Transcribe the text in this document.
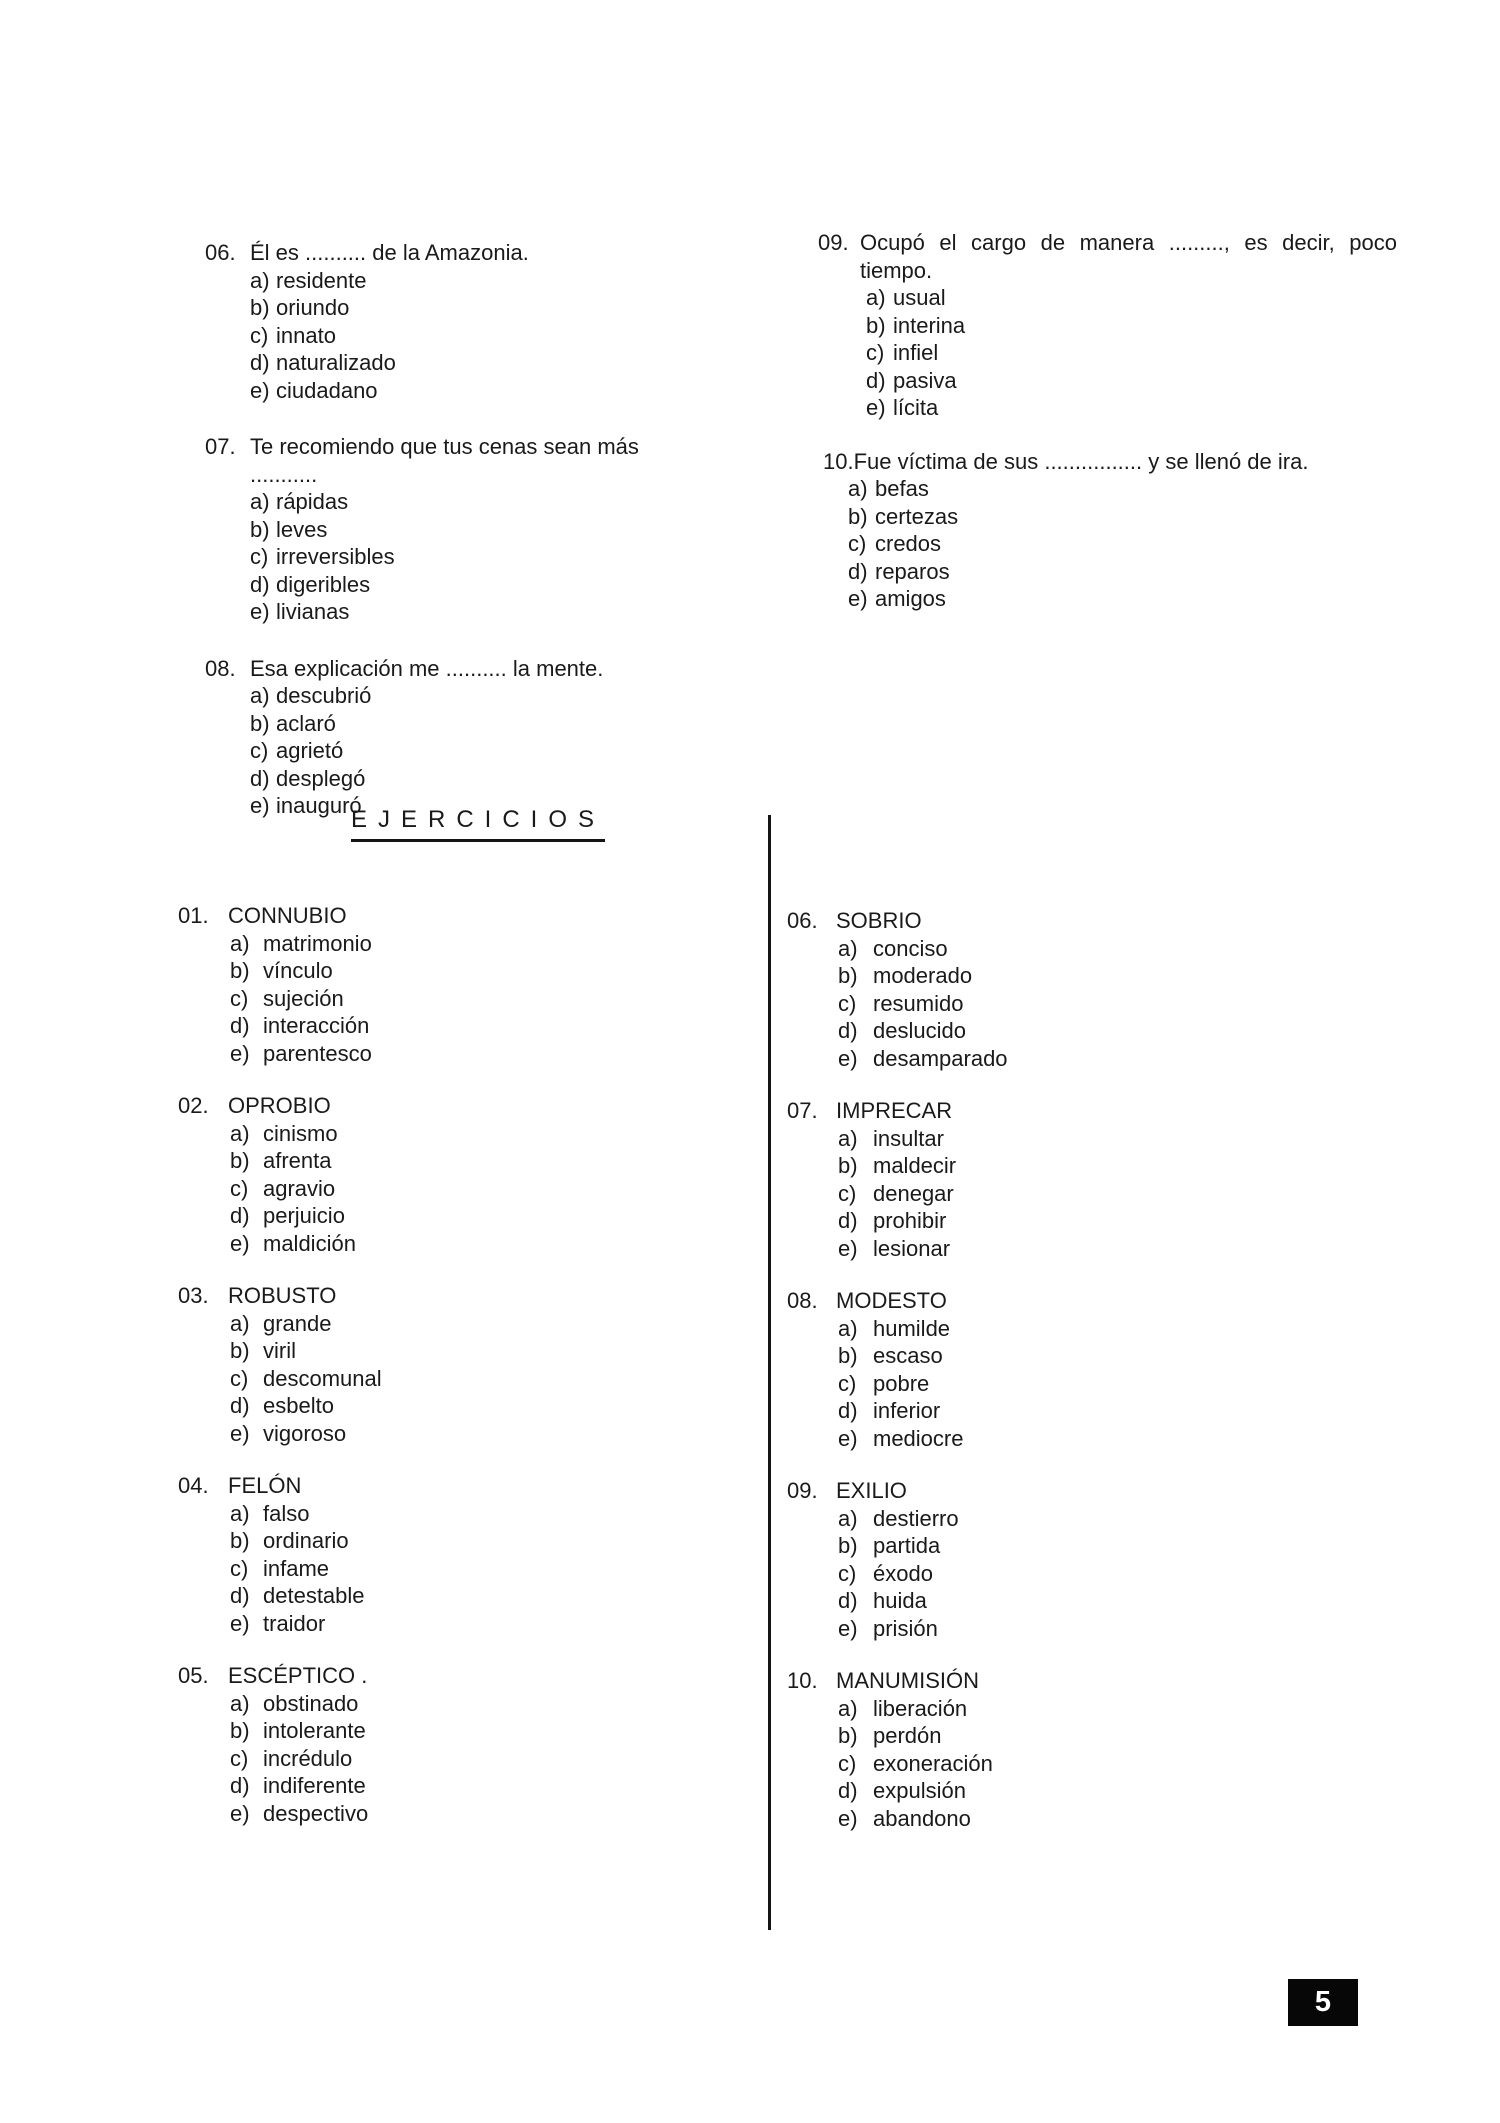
06. Él es .......... de la Amazonia.
a) residente
b) oriundo
c) innato
d) naturalizado
e) ciudadano
07. Te recomiendo que tus cenas sean más ...........
a) rápidas
b) leves
c) irreversibles
d) digeribles
e) livianas
08. Esa explicación me .......... la mente.
a) descubrió
b) aclaró
c) agrietó
d) desplegó
e) inauguró
09. Ocupó el cargo de manera ........., es decir, poco
tiempo.
a) usual
b) interina
c) infiel
d) pasiva
e) lícita
10. Fue víctima de sus ................ y se llenó de ira.
a) befas
b) certezas
c) credos
d) reparos
e) amigos
EJERCICIOS
01. CONNUBIO
a) matrimonio
b) vínculo
c) sujeción
d) interacción
e) parentesco
02. OPROBIO
a) cinismo
b) afrenta
c) agravio
d) perjuicio
e) maldición
03. ROBUSTO
a) grande
b) viril
c) descomunal
d) esbelto
e) vigoroso
04. FELÓN
a) falso
b) ordinario
c) infame
d) detestable
e) traidor
05. ESCÉPTICO .
a) obstinado
b) intolerante
c) incrédulo
d) indiferente
e) despectivo
06. SOBRIO
a) conciso
b) moderado
c) resumido
d) deslucido
e) desamparado
07. IMPRECAR
a) insultar
b) maldecir
c) denegar
d) prohibir
e) lesionar
08. MODESTO
a) humilde
b) escaso
c) pobre
d) inferior
e) mediocre
09. EXILIO
a) destierro
b) partida
c) éxodo
d) huida
e) prisión
10. MANUMISIÓN
a) liberación
b) perdón
c) exoneración
d) expulsión
e) abandono
5
